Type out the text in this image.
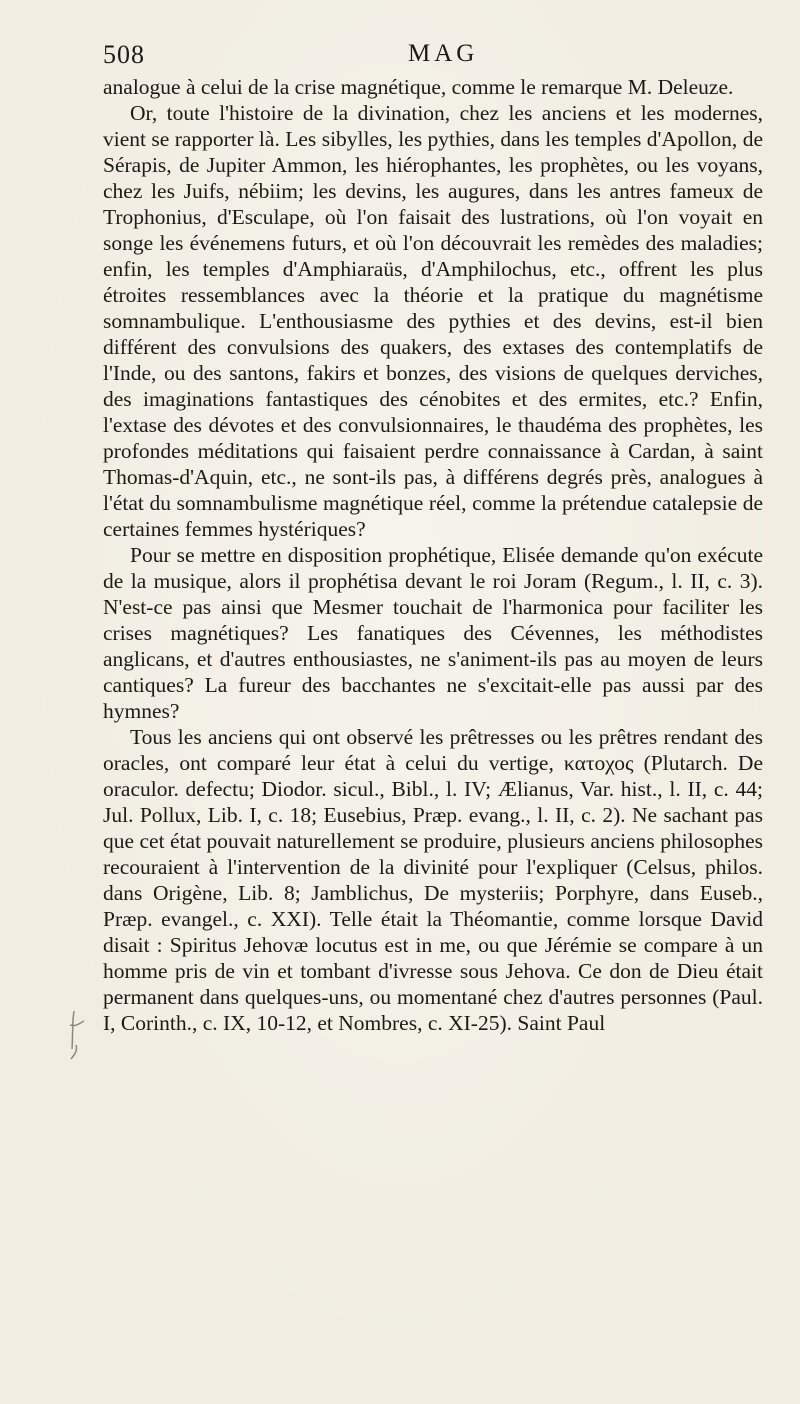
508	MAG

analogue à celui de la crise magnétique, comme le remarque M. Deleuze.

Or, toute l'histoire de la divination, chez les anciens et les modernes, vient se rapporter là. Les sibylles, les pythies, dans les temples d'Apollon, de Sérapis, de Jupiter Ammon, les hiérophantes, les prophètes, ou les voyans, chez les Juifs, nébiim; les devins, les augures, dans les antres fameux de Trophonius, d'Esculape, où l'on faisait des lustrations, où l'on voyait en songe les événemens futurs, et où l'on découvrait les remèdes des maladies; enfin, les temples d'Amphiaraüs, d'Amphilochus, etc., offrent les plus étroites ressemblances avec la théorie et la pratique du magnétisme somnambulique. L'enthousiasme des pythies et des devins, est-il bien différent des convulsions des quakers, des extases des contemplatifs de l'Inde, ou des santons, fakirs et bonzes, des visions de quelques derviches, des imaginations fantastiques des cénobites et des ermites, etc.? Enfin, l'extase des dévotes et des convulsionnaires, le thaudéma des prophètes, les profondes méditations qui faisaient perdre connaissance à Cardan, à saint Thomas-d'Aquin, etc., ne sont-ils pas, à différens degrés près, analogues à l'état du somnambulisme magnétique réel, comme la prétendue catalepsie de certaines femmes hystériques?

Pour se mettre en disposition prophétique, Elisée demande qu'on exécute de la musique, alors il prophétisa devant le roi Joram (Regum., l. II, c. 3). N'est-ce pas ainsi que Mesmer touchait de l'harmonica pour faciliter les crises magnétiques? Les fanatiques des Cévennes, les méthodistes anglicans, et d'autres enthousiastes, ne s'animent-ils pas au moyen de leurs cantiques? La fureur des bacchantes ne s'excitait-elle pas aussi par des hymnes?

Tous les anciens qui ont observé les prêtresses ou les prêtres rendant des oracles, ont comparé leur état à celui du vertige, κατοχος (Plutarch. De oraculor. defectu; Diodor. sicul., Bibl., l. IV; Ælianus, Var. hist., l. II, c. 44; Jul. Pollux, Lib. I, c. 18; Eusebius, Præp. evang., l. II, c. 2). Ne sachant pas que cet état pouvait naturellement se produire, plusieurs anciens philosophes recouraient à l'intervention de la divinité pour l'expliquer (Celsus, philos. dans Origène, Lib. 8; Jamblichus, De mysteriis; Porphyre, dans Euseb., Præp. evangel., c. XXI). Telle était la Théomantie, comme lorsque David disait : Spiritus Jehovæ locutus est in me, ou que Jérémie se compare à un homme pris de vin et tombant d'ivresse sous Jehova. Ce don de Dieu était permanent dans quelques-uns, ou momentané chez d'autres personnes (Paul. I, Corinth., c. IX, 10-12, et Nombres, c. XI-25). Saint Paul
